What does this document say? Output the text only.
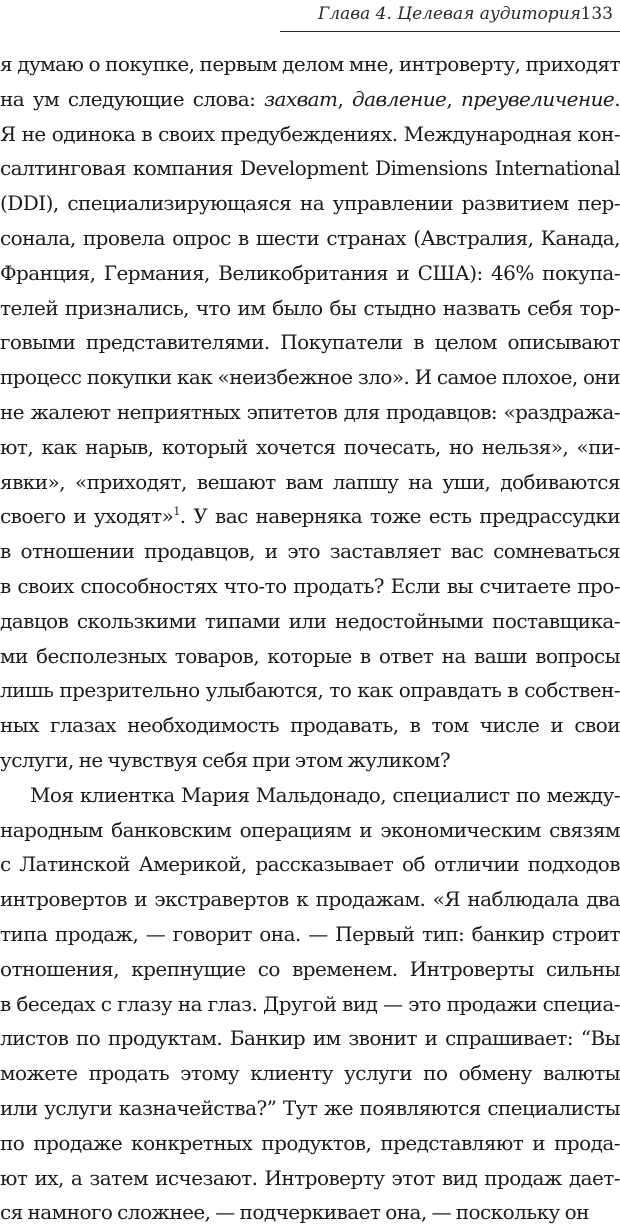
Глава 4. Целевая аудитория 133
я думаю о покупке, первым делом мне, интроверту, приходят
на ум следующие слова: захват, давление, преувеличение.
Я не одинока в своих предубеждениях. Международная кон-
салтинговая компания Development Dimensions International
(DDI), специализирующаяся на управлении развитием пер-
сонала, провела опрос в шести странах (Австралия, Канада,
Франция, Германия, Великобритания и США): 46% покупа-
телей признались, что им было бы стыдно назвать себя тор-
говыми представителями. Покупатели в целом описывают
процесс покупки как «неизбежное зло». И самое плохое, они
не жалеют неприятных эпитетов для продавцов: «раздража-
ют, как нарыв, который хочется почесать, но нельзя», «пи-
явки», «приходят, вешают вам лапшу на уши, добиваются
своего и уходят»$^1$. У вас наверняка тоже есть предрассудки
в отношении продавцов, и это заставляет вас сомневаться
в своих способностях что-то продать? Если вы считаете про-
давцов скользкими типами или недостойными поставщика-
ми бесполезных товаров, которые в ответ на ваши вопросы
лишь презрительно улыбаются, то как оправдать в собствен-
ных глазах необходимость продавать, в том числе и свои
услуги, не чувствуя себя при этом жуликом?
Моя клиентка Мария Мальдонадо, специалист по между-
народным банковским операциям и экономическим связям
с Латинской Америкой, рассказывает об отличии подходов
интровертов и экстравертов к продажам. «Я наблюдала два
типа продаж, — говорит она. — Первый тип: банкир строит
отношения, крепнущие со временем. Интроверты сильны
в беседах с глазу на глаз. Другой вид — это продажи специа-
листов по продуктам. Банкир им звонит и спрашивает: “Вы
можете продать этому клиенту услуги по обмену валюты
или услуги казначейства?” Тут же появляются специалисты
по продаже конкретных продуктов, представляют и прода-
ют их, а затем исчезают. Интроверту этот вид продаж дает-
ся намного сложнее, — подчеркивает она, — поскольку он
